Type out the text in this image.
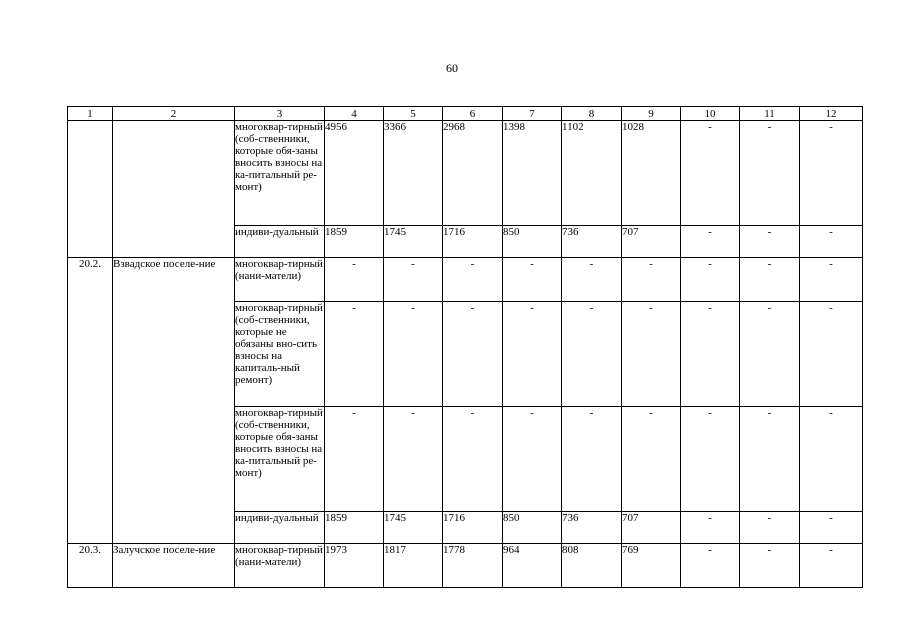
60
1	2	3	4	5	6	7	8	9	10	11	12
		многоквар-тирный (соб-ственники, которые обя-заны вносить взносы на ка-питальный ре-монт)	4956	3366	2968	1398	1102	1028	-	-	-
		индиви-дуальный	1859	1745	1716	850	736	707	-	-	-
20.2.	Взвадское поселе-ние	многоквар-тирный (нани-матели)	-	-	-	-	-	-	-	-	-
		многоквар-тирный (соб-ственники, которые не обязаны вно-сить взносы на капиталь-ный ремонт)	-	-	-	-	-	-	-	-	-
		многоквар-тирный (соб-ственники, которые обя-заны вносить взносы на ка-питальный ре-монт)	-	-	-	-	-	-	-	-	-
		индиви-дуальный	1859	1745	1716	850	736	707	-	-	-
20.3.	Залучское поселе-ние	многоквар-тирный (нани-матели)	1973	1817	1778	964	808	769	-	-	-
